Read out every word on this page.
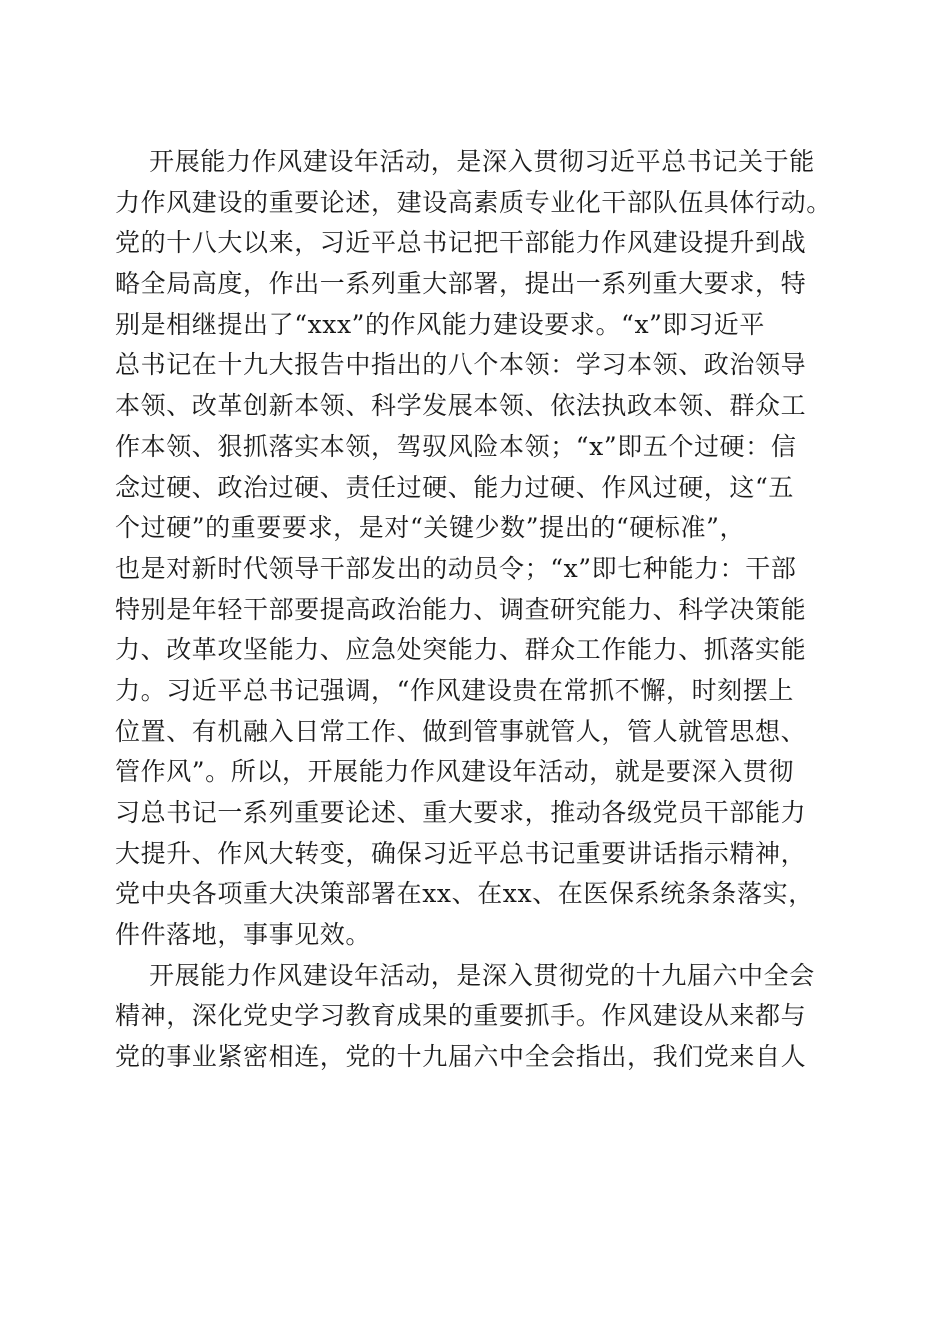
开展能力作风建设年活动，是深入贯彻习近平总书记关于能
力作风建设的重要论述，建设高素质专业化干部队伍具体行动。
党的十八大以来，习近平总书记把干部能力作风建设提升到战
略全局高度，作出一系列重大部署，提出一系列重大要求，特
别是相继提出了“xxx”的作风能力建设要求。“x”即习近平
总书记在十九大报告中指出的八个本领：学习本领、政治领导
本领、改革创新本领、科学发展本领、依法执政本领、群众工
作本领、狠抓落实本领，驾驭风险本领；“x”即五个过硬：信
念过硬、政治过硬、责任过硬、能力过硬、作风过硬，这“五
个过硬”的重要要求，是对“关键少数”提出的“硬标准”，
也是对新时代领导干部发出的动员令；“x”即七种能力：干部
特别是年轻干部要提高政治能力、调查研究能力、科学决策能
力、改革攻坚能力、应急处突能力、群众工作能力、抓落实能
力。习近平总书记强调，“作风建设贵在常抓不懈，时刻摆上
位置、有机融入日常工作、做到管事就管人，管人就管思想、
管作风”。所以，开展能力作风建设年活动，就是要深入贯彻
习总书记一系列重要论述、重大要求，推动各级党员干部能力
大提升、作风大转变，确保习近平总书记重要讲话指示精神，
党中央各项重大决策部署在xx、在xx、在医保系统条条落实，
件件落地，事事见效。
开展能力作风建设年活动，是深入贯彻党的十九届六中全会
精神，深化党史学习教育成果的重要抓手。作风建设从来都与
党的事业紧密相连，党的十九届六中全会指出，我们党来自人
